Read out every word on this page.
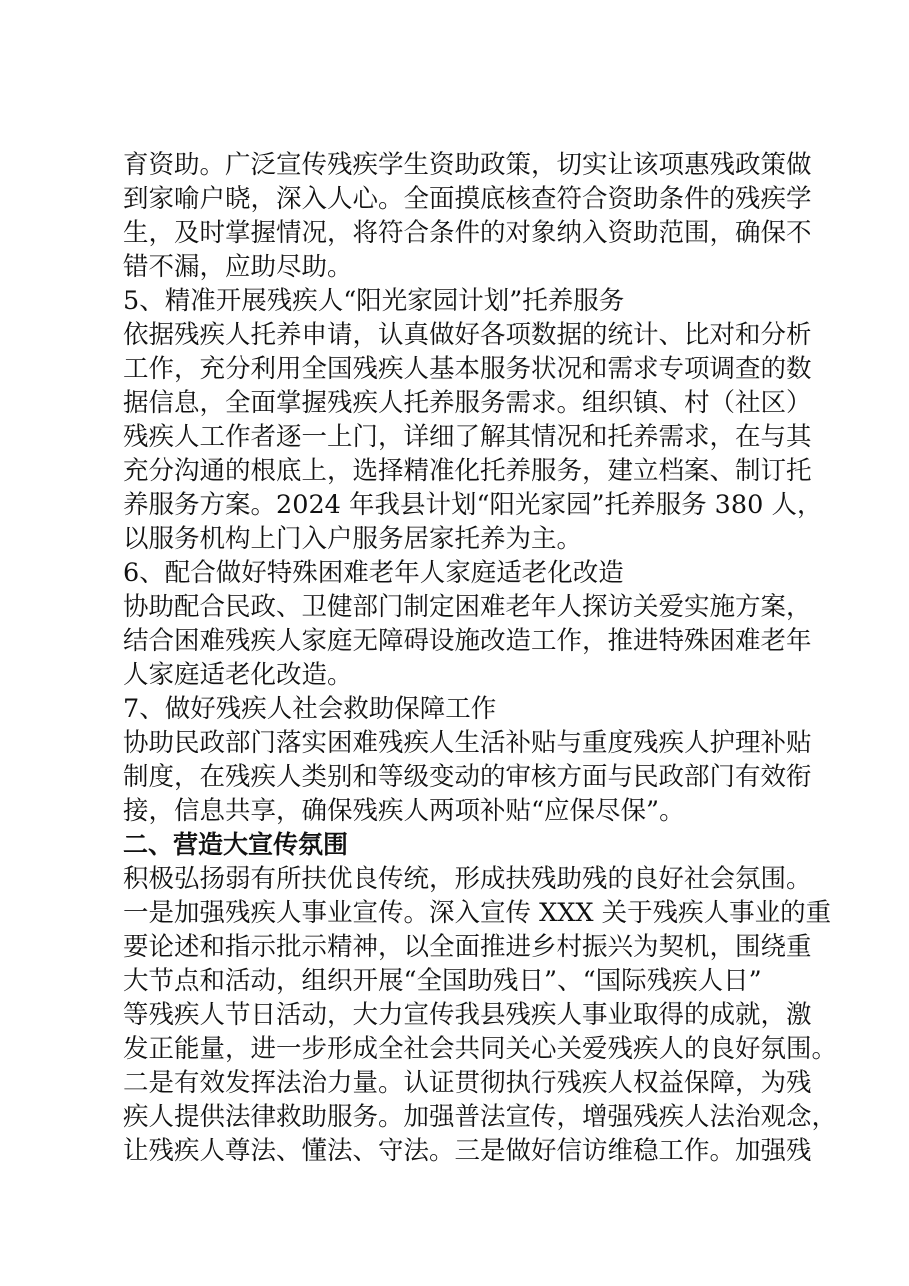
育资助。广泛宣传残疾学生资助政策，切实让该项惠残政策做
到家喻户晓，深入人心。全面摸底核查符合资助条件的残疾学
生，及时掌握情况，将符合条件的对象纳入资助范围，确保不
错不漏，应助尽助。
5、精准开展残疾人“阳光家园计划”托养服务
依据残疾人托养申请，认真做好各项数据的统计、比对和分析
工作，充分利用全国残疾人基本服务状况和需求专项调查的数
据信息，全面掌握残疾人托养服务需求。组织镇、村（社区）
残疾人工作者逐一上门，详细了解其情况和托养需求，在与其
充分沟通的根底上，选择精准化托养服务，建立档案、制订托
养服务方案。2024 年我县计划“阳光家园”托养服务 380 人，
以服务机构上门入户服务居家托养为主。
6、配合做好特殊困难老年人家庭适老化改造
协助配合民政、卫健部门制定困难老年人探访关爱实施方案，
结合困难残疾人家庭无障碍设施改造工作，推进特殊困难老年
人家庭适老化改造。
7、做好残疾人社会救助保障工作
协助民政部门落实困难残疾人生活补贴与重度残疾人护理补贴
制度，在残疾人类别和等级变动的审核方面与民政部门有效衔
接，信息共享，确保残疾人两项补贴“应保尽保”。
二、营造大宣传氛围
积极弘扬弱有所扶优良传统，形成扶残助残的良好社会氛围。
一是加强残疾人事业宣传。深入宣传 XXX 关于残疾人事业的重
要论述和指示批示精神，以全面推进乡村振兴为契机，围绕重
大节点和活动，组织开展“全国助残日”、“国际残疾人日”
等残疾人节日活动，大力宣传我县残疾人事业取得的成就，激
发正能量，进一步形成全社会共同关心关爱残疾人的良好氛围。
二是有效发挥法治力量。认证贯彻执行残疾人权益保障，为残
疾人提供法律救助服务。加强普法宣传，增强残疾人法治观念，
让残疾人尊法、懂法、守法。三是做好信访维稳工作。加强残
